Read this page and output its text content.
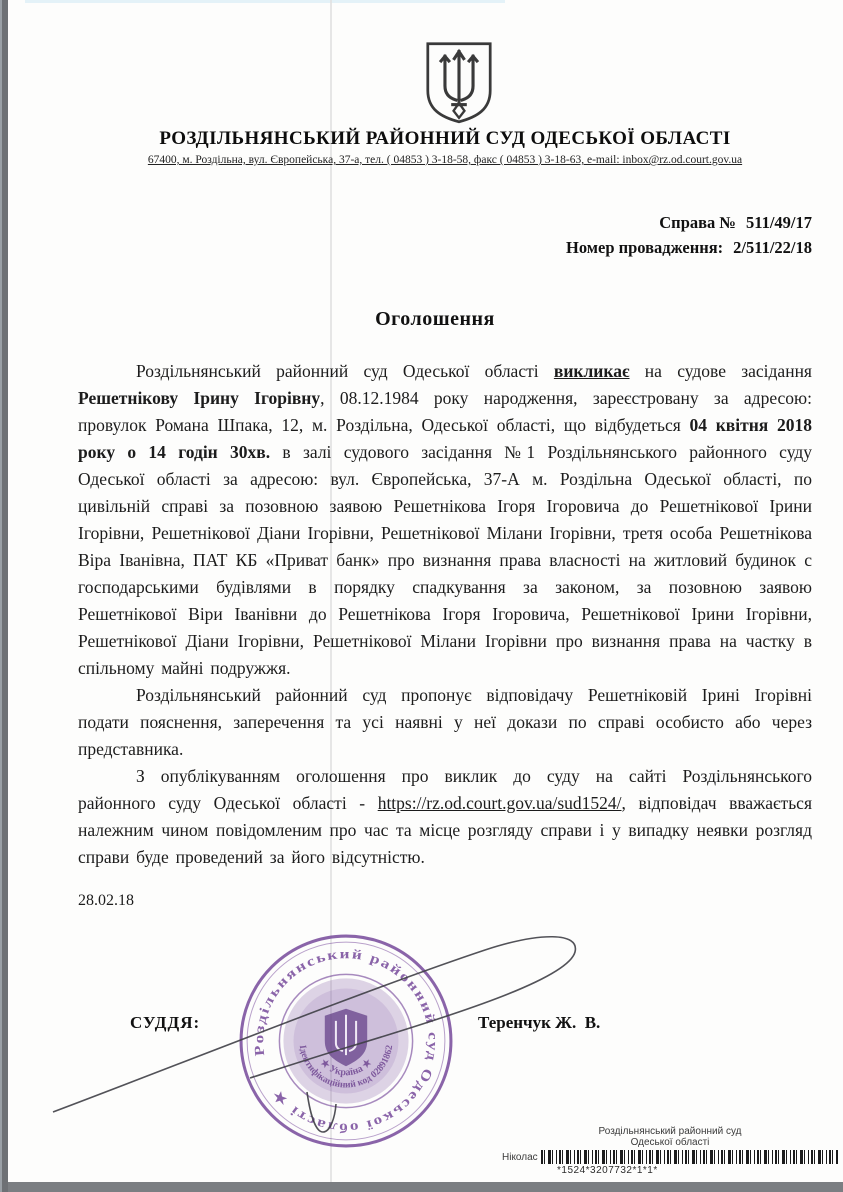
РОЗДІЛЬНЯНСЬКИЙ РАЙОННИЙ СУД ОДЕСЬКОЇ ОБЛАСТІ
67400, м. Роздільна, вул. Європейська, 37-а, тел. ( 04853 ) 3-18-58, факс ( 04853 ) 3-18-63, e-mail: inbox@rz.od.court.gov.ua
Справа № 511/49/17
Номер провадження: 2/511/22/18
Оголошення

Роздільнянський районний суд Одеської області викликає на судове засідання Решетнікову Ірину Ігорівну, 08.12.1984 року народження, зареєстровану за адресою: провулок Романа Шпака, 12, м. Роздільна, Одеської області, що відбудеться 04 квітня 2018 року о 14 годін 30хв. в залі судового засідання №1 Роздільнянського районного суду Одеської області за адресою: вул. Європейська, 37-А м. Роздільна Одеської області, по цивільній справі за позовною заявою Решетнікова Ігоря Ігоровича до Решетнікової Ірини Ігорівни, Решетнікової Діани Ігорівни, Решетнікової Мілани Ігорівни, третя особа Решетнікова Віра Іванівна, ПАТ КБ «Приват банк» про визнання права власності на житловий будинок с господарськими будівлями в порядку спадкування за законом, за позовною заявою Решетнікової Віри Іванівни до Решетнікова Ігоря Ігоровича, Решетнікової Ірини Ігорівни, Решетнікової Діани Ігорівни, Решетнікової Мілани Ігорівни про визнання права на частку в спільному майні подружжя.

Роздільнянський районний суд пропонує відповідачу Решетніковій Ірині Ігорівні подати пояснення, заперечення та усі наявні у неї докази по справі особисто або через представника.

З опублікуванням оголошення про виклик до суду на сайті Роздільнянського районного суду Одеської області - https://rz.od.court.gov.ua/sud1524/, відповідач вважається належним чином повідомленим про час та місце розгляду справи і у випадку неявки розгляд справи буде проведений за його відсутністю.

28.02.18
СУДДЯ:	Теренчук Ж.  В.
Роздільнянський районний суд Одеської області ★
Ідентифікаційний код 02891862
★ Україна ★
Роздільнянський районний суд
Одеської області
Ніколас
*1524*3207732*1*1*
